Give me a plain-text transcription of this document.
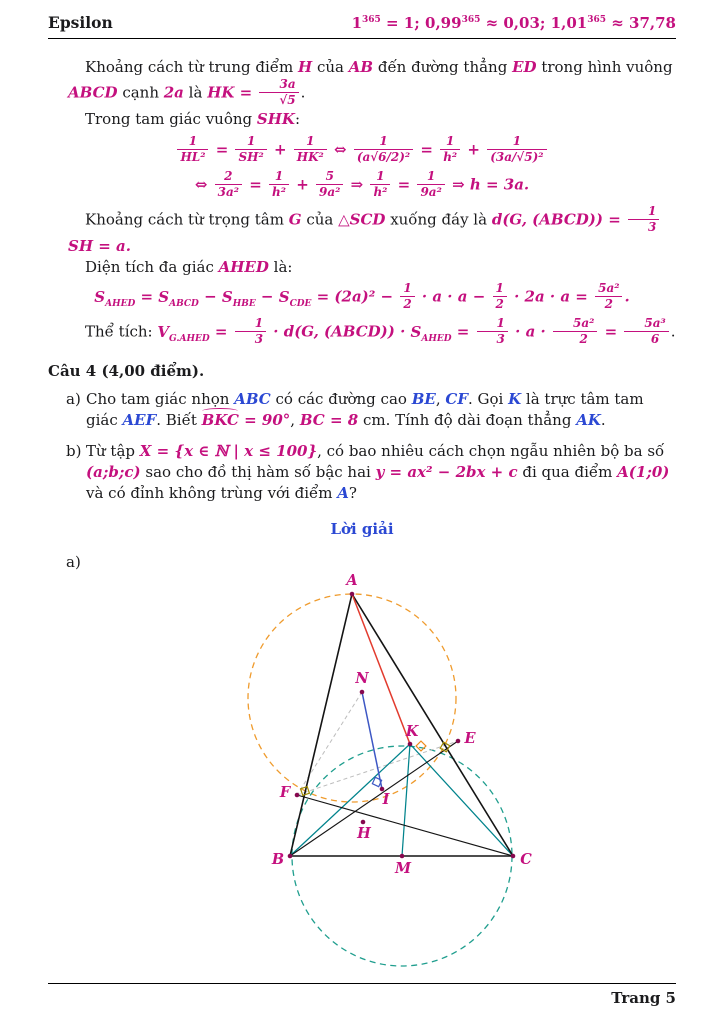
Epsilon	$1^{365} = 1$; $0,99^{365} \approx 0,03$; $1,01^{365} \approx 37,78$
Khoảng cách từ trung điểm H của AB đến đường thẳng ED trong hình vuông ABCD cạnh 2a là HK = $\frac{3a}{√5}$ .
Trong tam giác vuông SHK:
$\frac{1}{\text{HL²}} = \frac{1}{\text{SH²}} + \frac{1}{\text{HK²}}$ ⇔ $\frac{1}{\text{(a√6/2)²}} = \frac{1}{\text{h²}} + \frac{1}{\text{(3a/√5)²}}$
⇔ $\frac{2}{\text{3a²}} = \frac{1}{\text{h²}} + \frac{5}{\text{9a²}}$ ⇒ $\frac{1}{\text{h²}} = \frac{1}{\text{9a²}}$ ⇒ h = 3a.
Khoảng cách từ trọng tâm G của △SCD xuống đáy là d(G, (ABCD)) = $\frac{1}{3}$
SH = a.
Diện tích đa giác AHED là:
$S_{AHED} = S_{ABCD} - S_{HBE} - S_{CDE} = (2a)^2 - \frac{1}{2} \cdot a \cdot a - \frac{1}{2} \cdot 2a \cdot a = \frac{\text{5a²}}{2}$ .
Thể tích: $V_{G.AHED} = \frac{1}{3} \cdot d(G$, (ABCD)) · $S_{AHED} = \frac{1}{3} \cdot a \cdot \frac{\text{5a²}}{2} = \frac{\text{5a³}}{6}$ .
Câu 4 (4,00 điểm).
a) Cho tam giác nhọn ABC có các đường cao BE, CF. Gọi K là trực tâm tam giác AEF. Biết BKC = 90°, BC = 8 cm. Tính độ dài đoạn thẳng AK.
b) Từ tập X = {x ∈ ℕ | x ≤ 100}, có bao nhiêu cách chọn ngẫu nhiên bộ ba số (a;b;c) sao cho đồ thị hàm số bậc hai y = ax² − 2bx + c đi qua điểm A(1;0) và có đỉnh không trùng với điểm A?
Lời giải
a)
A
N
K	E
F	I
H
B
M
C
Trang 5
